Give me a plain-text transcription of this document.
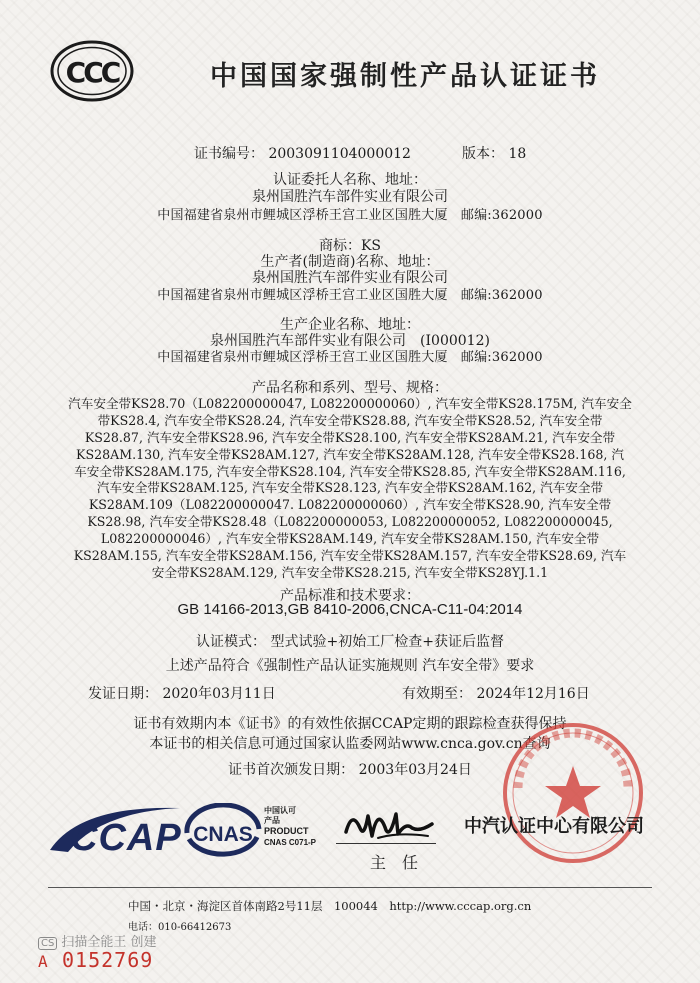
CCC	中国国家强制性产品认证证书
证书编号： 2003091104000012	版本： 18
认证委托人名称、地址：
泉州国胜汽车部件实业有限公司
中国福建省泉州市鲤城区浮桥王宫工业区国胜大厦　邮编:362000
商标：KS
生产者(制造商)名称、地址：
泉州国胜汽车部件实业有限公司
中国福建省泉州市鲤城区浮桥王宫工业区国胜大厦　邮编:362000
生产企业名称、地址：
泉州国胜汽车部件实业有限公司　(I000012)
中国福建省泉州市鲤城区浮桥王宫工业区国胜大厦　邮编:362000
产品名称和系列、型号、规格：
汽车安全带KS28.70（L082200000047, L082200000060）, 汽车安全带KS28.175M, 汽车安全
带KS28.4, 汽车安全带KS28.24, 汽车安全带KS28.88, 汽车安全带KS28.52, 汽车安全带
KS28.87, 汽车安全带KS28.96, 汽车安全带KS28.100, 汽车安全带KS28AM.21, 汽车安全带
KS28AM.130, 汽车安全带KS28AM.127, 汽车安全带KS28AM.128, 汽车安全带KS28.168, 汽
车安全带KS28AM.175, 汽车安全带KS28.104, 汽车安全带KS28.85, 汽车安全带KS28AM.116,
汽车安全带KS28AM.125, 汽车安全带KS28.123, 汽车安全带KS28AM.162, 汽车安全带
KS28AM.109（L082200000047. L082200000060）, 汽车安全带KS28.90, 汽车安全带
KS28.98, 汽车安全带KS28.48（L082200000053, L082200000052, L082200000045,
L082200000046）, 汽车安全带KS28AM.149, 汽车安全带KS28AM.150, 汽车安全带
KS28AM.155, 汽车安全带KS28AM.156, 汽车安全带KS28AM.157, 汽车安全带KS28.69, 汽车
安全带KS28AM.129, 汽车安全带KS28.215, 汽车安全带KS28YJ.1.1
产品标准和技术要求：
GB 14166-2013,GB 8410-2006,CNCA-C11-04:2014
认证模式： 型式试验+初始工厂检查+获证后监督
上述产品符合《强制性产品认证实施规则 汽车安全带》要求
发证日期： 2020年03月11日	有效期至： 2024年12月16日
证书有效期内本《证书》的有效性依据CCAP定期的跟踪检查获得保持
本证书的相关信息可通过国家认监委网站www.cnca.gov.cn查询
证书首次颁发日期： 2003年03月24日
CCAP CNAS
中国认可
产品
PRODUCT
CNAS C071-P
主　任
中汽认证中心有限公司
中国・北京・海淀区首体南路2号11层　100044　http://www.cccap.org.cn
电话：010-66412673
CS 扫描全能王 创建
A 0152769
